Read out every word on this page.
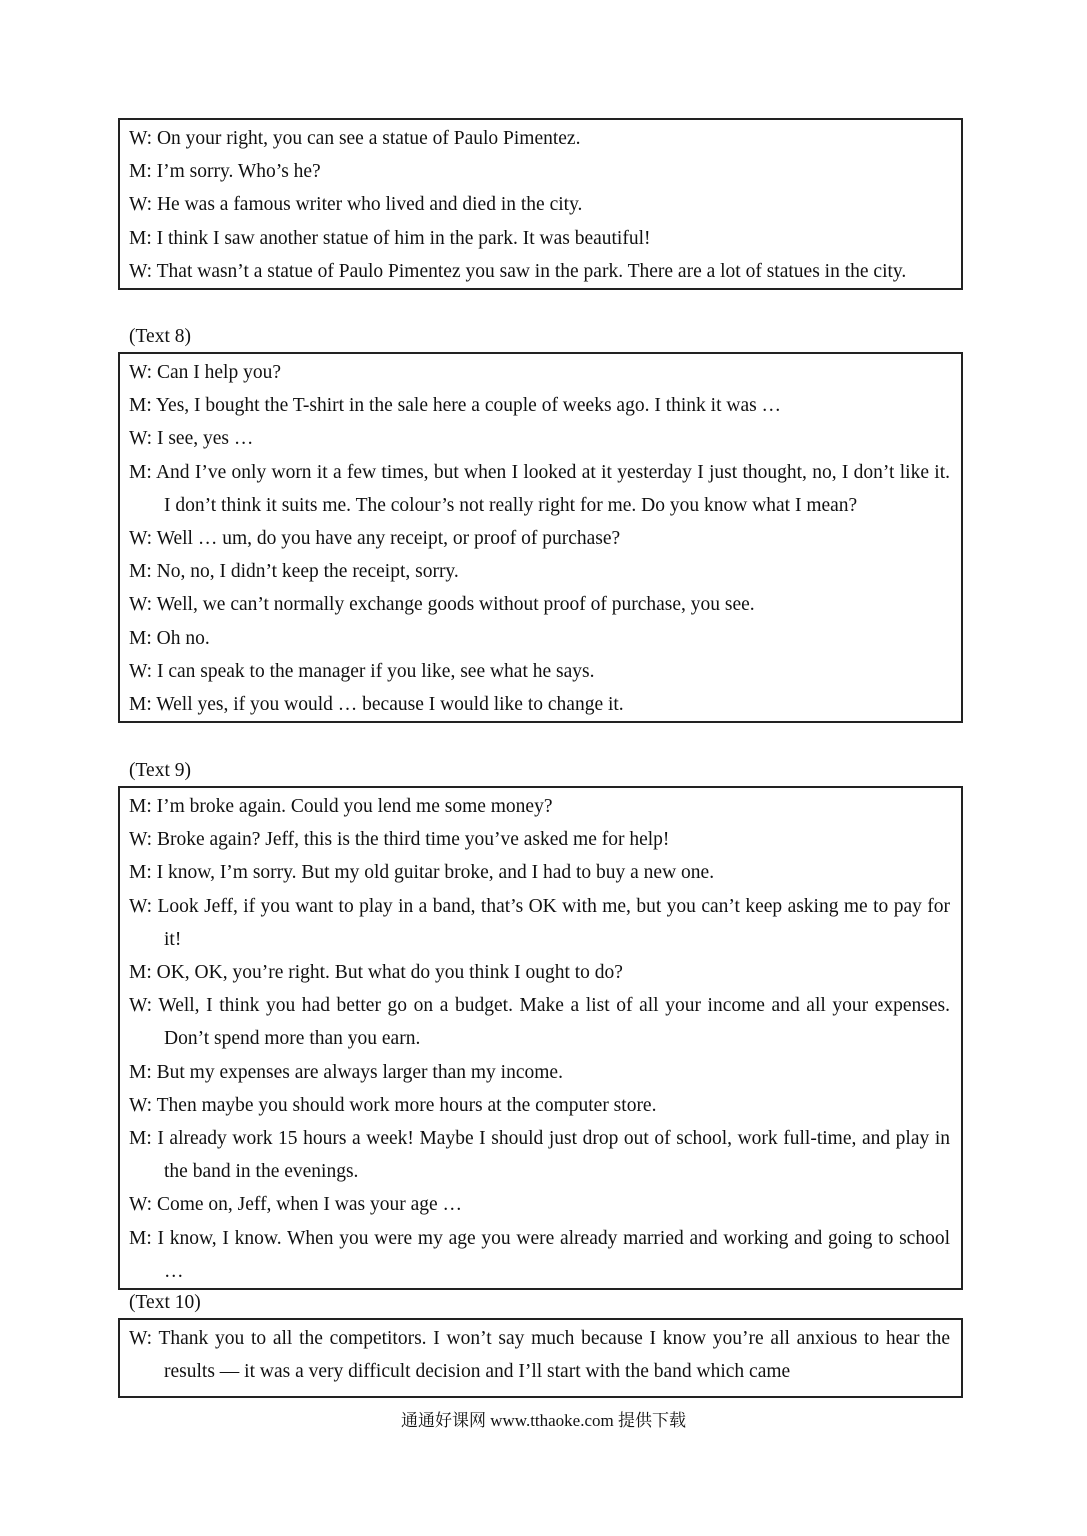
W: On your right, you can see a statue of Paulo Pimentez.
M: I’m sorry. Who’s he?
W: He was a famous writer who lived and died in the city.
M: I think I saw another statue of him in the park. It was beautiful!
W: That wasn’t a statue of Paulo Pimentez you saw in the park. There are a lot of statues in the city.
(Text 8)
W: Can I help you?
M: Yes, I bought the T-shirt in the sale here a couple of weeks ago. I think it was …
W: I see, yes …
M: And I’ve only worn it a few times, but when I looked at it yesterday I just thought, no, I don’t like it. I don’t think it suits me. The colour’s not really right for me. Do you know what I mean?
W: Well … um, do you have any receipt, or proof of purchase?
M: No, no, I didn’t keep the receipt, sorry.
W: Well, we can’t normally exchange goods without proof of purchase, you see.
M: Oh no.
W: I can speak to the manager if you like, see what he says.
M: Well yes, if you would … because I would like to change it.
(Text 9)
M: I’m broke again. Could you lend me some money?
W: Broke again? Jeff, this is the third time you’ve asked me for help!
M: I know, I’m sorry. But my old guitar broke, and I had to buy a new one.
W: Look Jeff, if you want to play in a band, that’s OK with me, but you can’t keep asking me to pay for it!
M: OK, OK, you’re right. But what do you think I ought to do?
W: Well, I think you had better go on a budget. Make a list of all your income and all your expenses. Don’t spend more than you earn.
M: But my expenses are always larger than my income.
W: Then maybe you should work more hours at the computer store.
M: I already work 15 hours a week! Maybe I should just drop out of school, work full-time, and play in the band in the evenings.
W: Come on, Jeff, when I was your age …
M: I know, I know. When you were my age you were already married and working and going to school …
(Text 10)
W: Thank you to all the competitors. I won’t say much because I know you’re all anxious to hear the results — it was a very difficult decision and I’ll start with the band which came
通通好课网 www.tthaoke.com 提供下载
